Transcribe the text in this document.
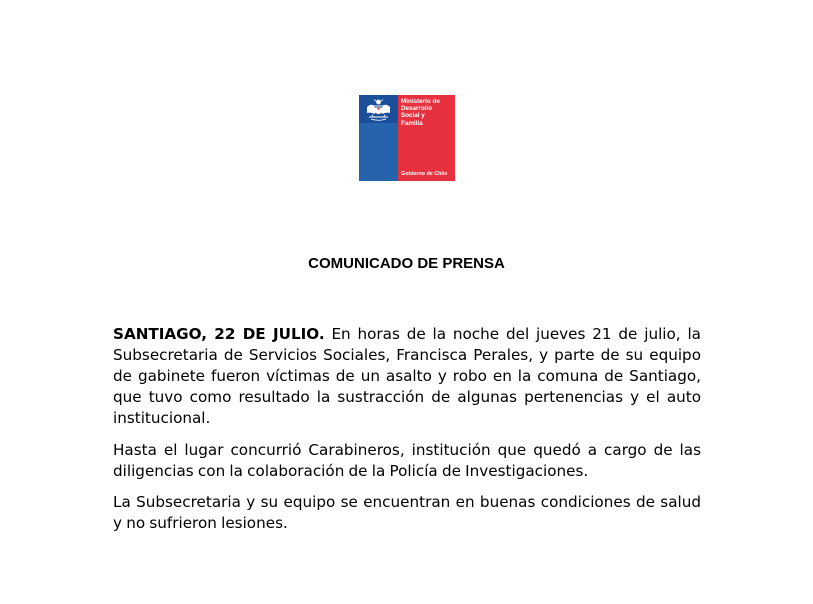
Ministerio de
Desarrollo
Social y
Familia
Gobierno de Chile
COMUNICADO DE PRENSA

SANTIAGO, 22 DE JULIO. En horas de la noche del jueves 21 de julio, la Subsecretaria de Servicios Sociales, Francisca Perales, y parte de su equipo de gabinete fueron víctimas de un asalto y robo en la comuna de Santiago, que tuvo como resultado la sustracción de algunas pertenencias y el auto institucional.

Hasta el lugar concurrió Carabineros, institución que quedó a cargo de las diligencias con la colaboración de la Policía de Investigaciones.

La Subsecretaria y su equipo se encuentran en buenas condiciones de salud y no sufrieron lesiones.
